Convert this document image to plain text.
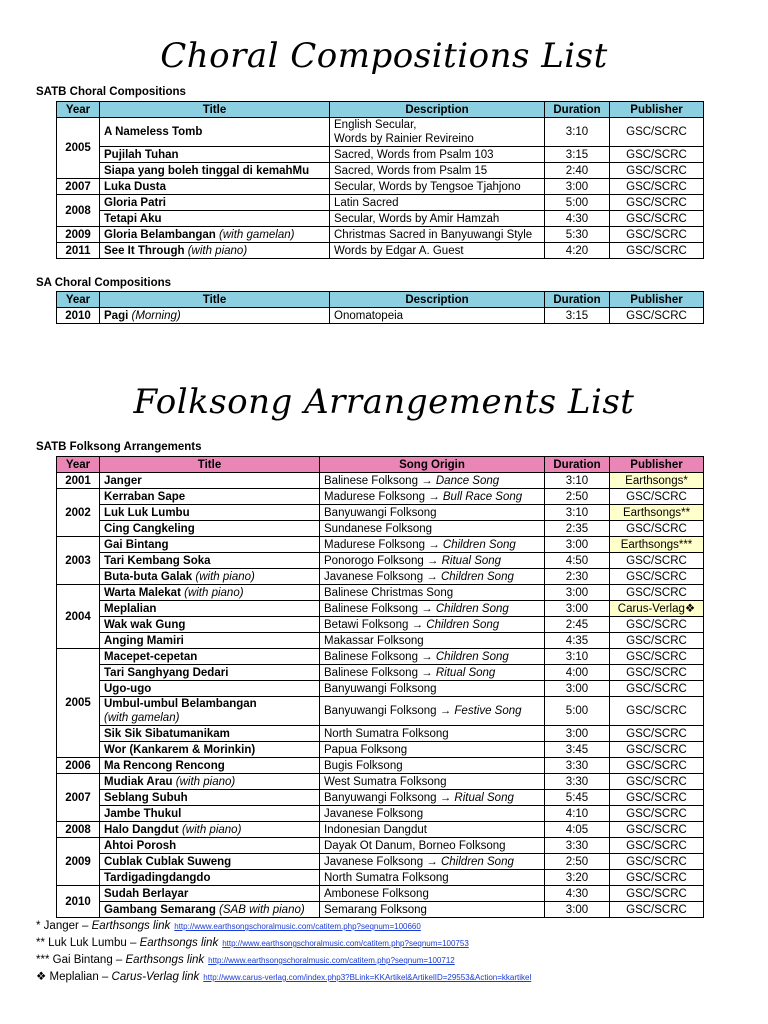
Choral Compositions List
SATB Choral Compositions
Year	Title	Description	Duration	Publisher
2005	A Nameless Tomb	English Secular,
Words by Rainier Revireino	3:10	GSC/SCRC
	Pujilah Tuhan	Sacred, Words from Psalm 103	3:15	GSC/SCRC
	Siapa yang boleh tinggal di kemahMu	Sacred, Words from Psalm 15	2:40	GSC/SCRC
2007	Luka Dusta	Secular, Words by Tengsoe Tjahjono	3:00	GSC/SCRC
2008	Gloria Patri	Latin Sacred	5:00	GSC/SCRC
	Tetapi Aku	Secular, Words by Amir Hamzah	4:30	GSC/SCRC
2009	Gloria Belambangan (with gamelan)	Christmas Sacred in Banyuwangi Style	5:30	GSC/SCRC
2011	See It Through (with piano)	Words by Edgar A. Guest	4:20	GSC/SCRC
SA Choral Compositions
Year	Title	Description	Duration	Publisher
2010	Pagi (Morning)	Onomatopeia	3:15	GSC/SCRC
Folksong Arrangements List
SATB Folksong Arrangements
Year	Title	Song Origin	Duration	Publisher
2001	Janger	Balinese Folksong → Dance Song	3:10	Earthsongs*
2002	Kerraban Sape	Madurese Folksong → Bull Race Song	2:50	GSC/SCRC
	Luk Luk Lumbu	Banyuwangi Folksong	3:10	Earthsongs**
	Cing Cangkeling	Sundanese Folksong	2:35	GSC/SCRC
2003	Gai Bintang	Madurese Folksong → Children Song	3:00	Earthsongs***
	Tari Kembang Soka	Ponorogo Folksong → Ritual Song	4:50	GSC/SCRC
	Buta-buta Galak (with piano)	Javanese Folksong → Children Song	2:30	GSC/SCRC
2004	Warta Malekat (with piano)	Balinese Christmas Song	3:00	GSC/SCRC
	Meplalian	Balinese Folksong → Children Song	3:00	Carus-Verlag❖
	Wak wak Gung	Betawi Folksong → Children Song	2:45	GSC/SCRC
	Anging Mamiri	Makassar Folksong	4:35	GSC/SCRC
2005	Macepet-cepetan	Balinese Folksong → Children Song	3:10	GSC/SCRC
	Tari Sanghyang Dedari	Balinese Folksong → Ritual Song	4:00	GSC/SCRC
	Ugo-ugo	Banyuwangi Folksong	3:00	GSC/SCRC
	Umbul-umbul Belambangan
(with gamelan)	Banyuwangi Folksong → Festive Song	5:00	GSC/SCRC
	Sik Sik Sibatumanikam	North Sumatra Folksong	3:00	GSC/SCRC
	Wor (Kankarem & Morinkin)	Papua Folksong	3:45	GSC/SCRC
2006	Ma Rencong Rencong	Bugis Folksong	3:30	GSC/SCRC
2007	Mudiak Arau (with piano)	West Sumatra Folksong	3:30	GSC/SCRC
	Seblang Subuh	Banyuwangi Folksong → Ritual Song	5:45	GSC/SCRC
	Jambe Thukul	Javanese Folksong	4:10	GSC/SCRC
2008	Halo Dangdut (with piano)	Indonesian Dangdut	4:05	GSC/SCRC
2009	Ahtoi Porosh	Dayak Ot Danum, Borneo Folksong	3:30	GSC/SCRC
	Cublak Cublak Suweng	Javanese Folksong → Children Song	2:50	GSC/SCRC
	Tardigadingdangdo	North Sumatra Folksong	3:20	GSC/SCRC
2010	Sudah Berlayar	Ambonese Folksong	4:30	GSC/SCRC
	Gambang Semarang (SAB with piano)	Semarang Folksong	3:00	GSC/SCRC
* Janger – Earthsongs link http://www.earthsongschoralmusic.com/catitem.php?seqnum=100660
** Luk Luk Lumbu – Earthsongs link http://www.earthsongschoralmusic.com/catitem.php?seqnum=100753
*** Gai Bintang – Earthsongs link http://www.earthsongschoralmusic.com/catitem.php?seqnum=100712
❖ Meplalian – Carus-Verlag link http://www.carus-verlag.com/index.php3?BLink=KKArtikel&ArtikelID=29553&Action=kkartikel
